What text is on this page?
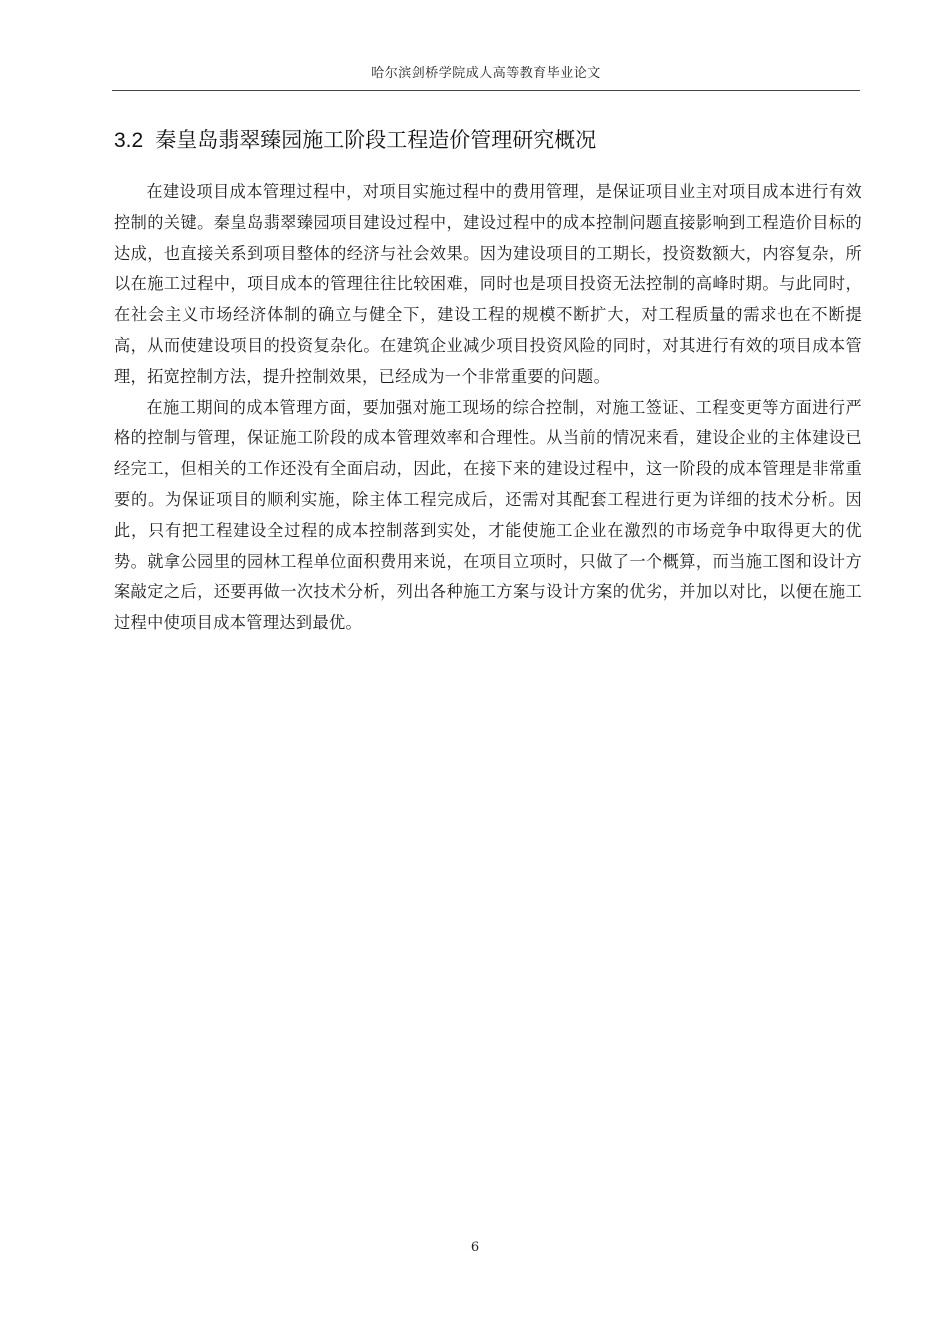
哈尔滨剑桥学院成人高等教育毕业论文
3.2 秦皇岛翡翠臻园施工阶段工程造价管理研究概况

在建设项目成本管理过程中，对项目实施过程中的费用管理，是保证项目业主对项目成本进行有效控制的关键。秦皇岛翡翠臻园项目建设过程中，建设过程中的成本控制问题直接影响到工程造价目标的达成，也直接关系到项目整体的经济与社会效果。因为建设项目的工期长，投资数额大，内容复杂，所以在施工过程中，项目成本的管理往往比较困难，同时也是项目投资无法控制的高峰时期。与此同时，在社会主义市场经济体制的确立与健全下，建设工程的规模不断扩大，对工程质量的需求也在不断提高，从而使建设项目的投资复杂化。在建筑企业减少项目投资风险的同时，对其进行有效的项目成本管理，拓宽控制方法，提升控制效果，已经成为一个非常重要的问题。

在施工期间的成本管理方面，要加强对施工现场的综合控制，对施工签证、工程变更等方面进行严格的控制与管理，保证施工阶段的成本管理效率和合理性。从当前的情况来看，建设企业的主体建设已经完工，但相关的工作还没有全面启动，因此，在接下来的建设过程中，这一阶段的成本管理是非常重要的。为保证项目的顺利实施，除主体工程完成后，还需对其配套工程进行更为详细的技术分析。因此，只有把工程建设全过程的成本控制落到实处，才能使施工企业在激烈的市场竞争中取得更大的优势。就拿公园里的园林工程单位面积费用来说，在项目立项时，只做了一个概算，而当施工图和设计方案敲定之后，还要再做一次技术分析，列出各种施工方案与设计方案的优劣，并加以对比，以便在施工过程中使项目成本管理达到最优。

6
